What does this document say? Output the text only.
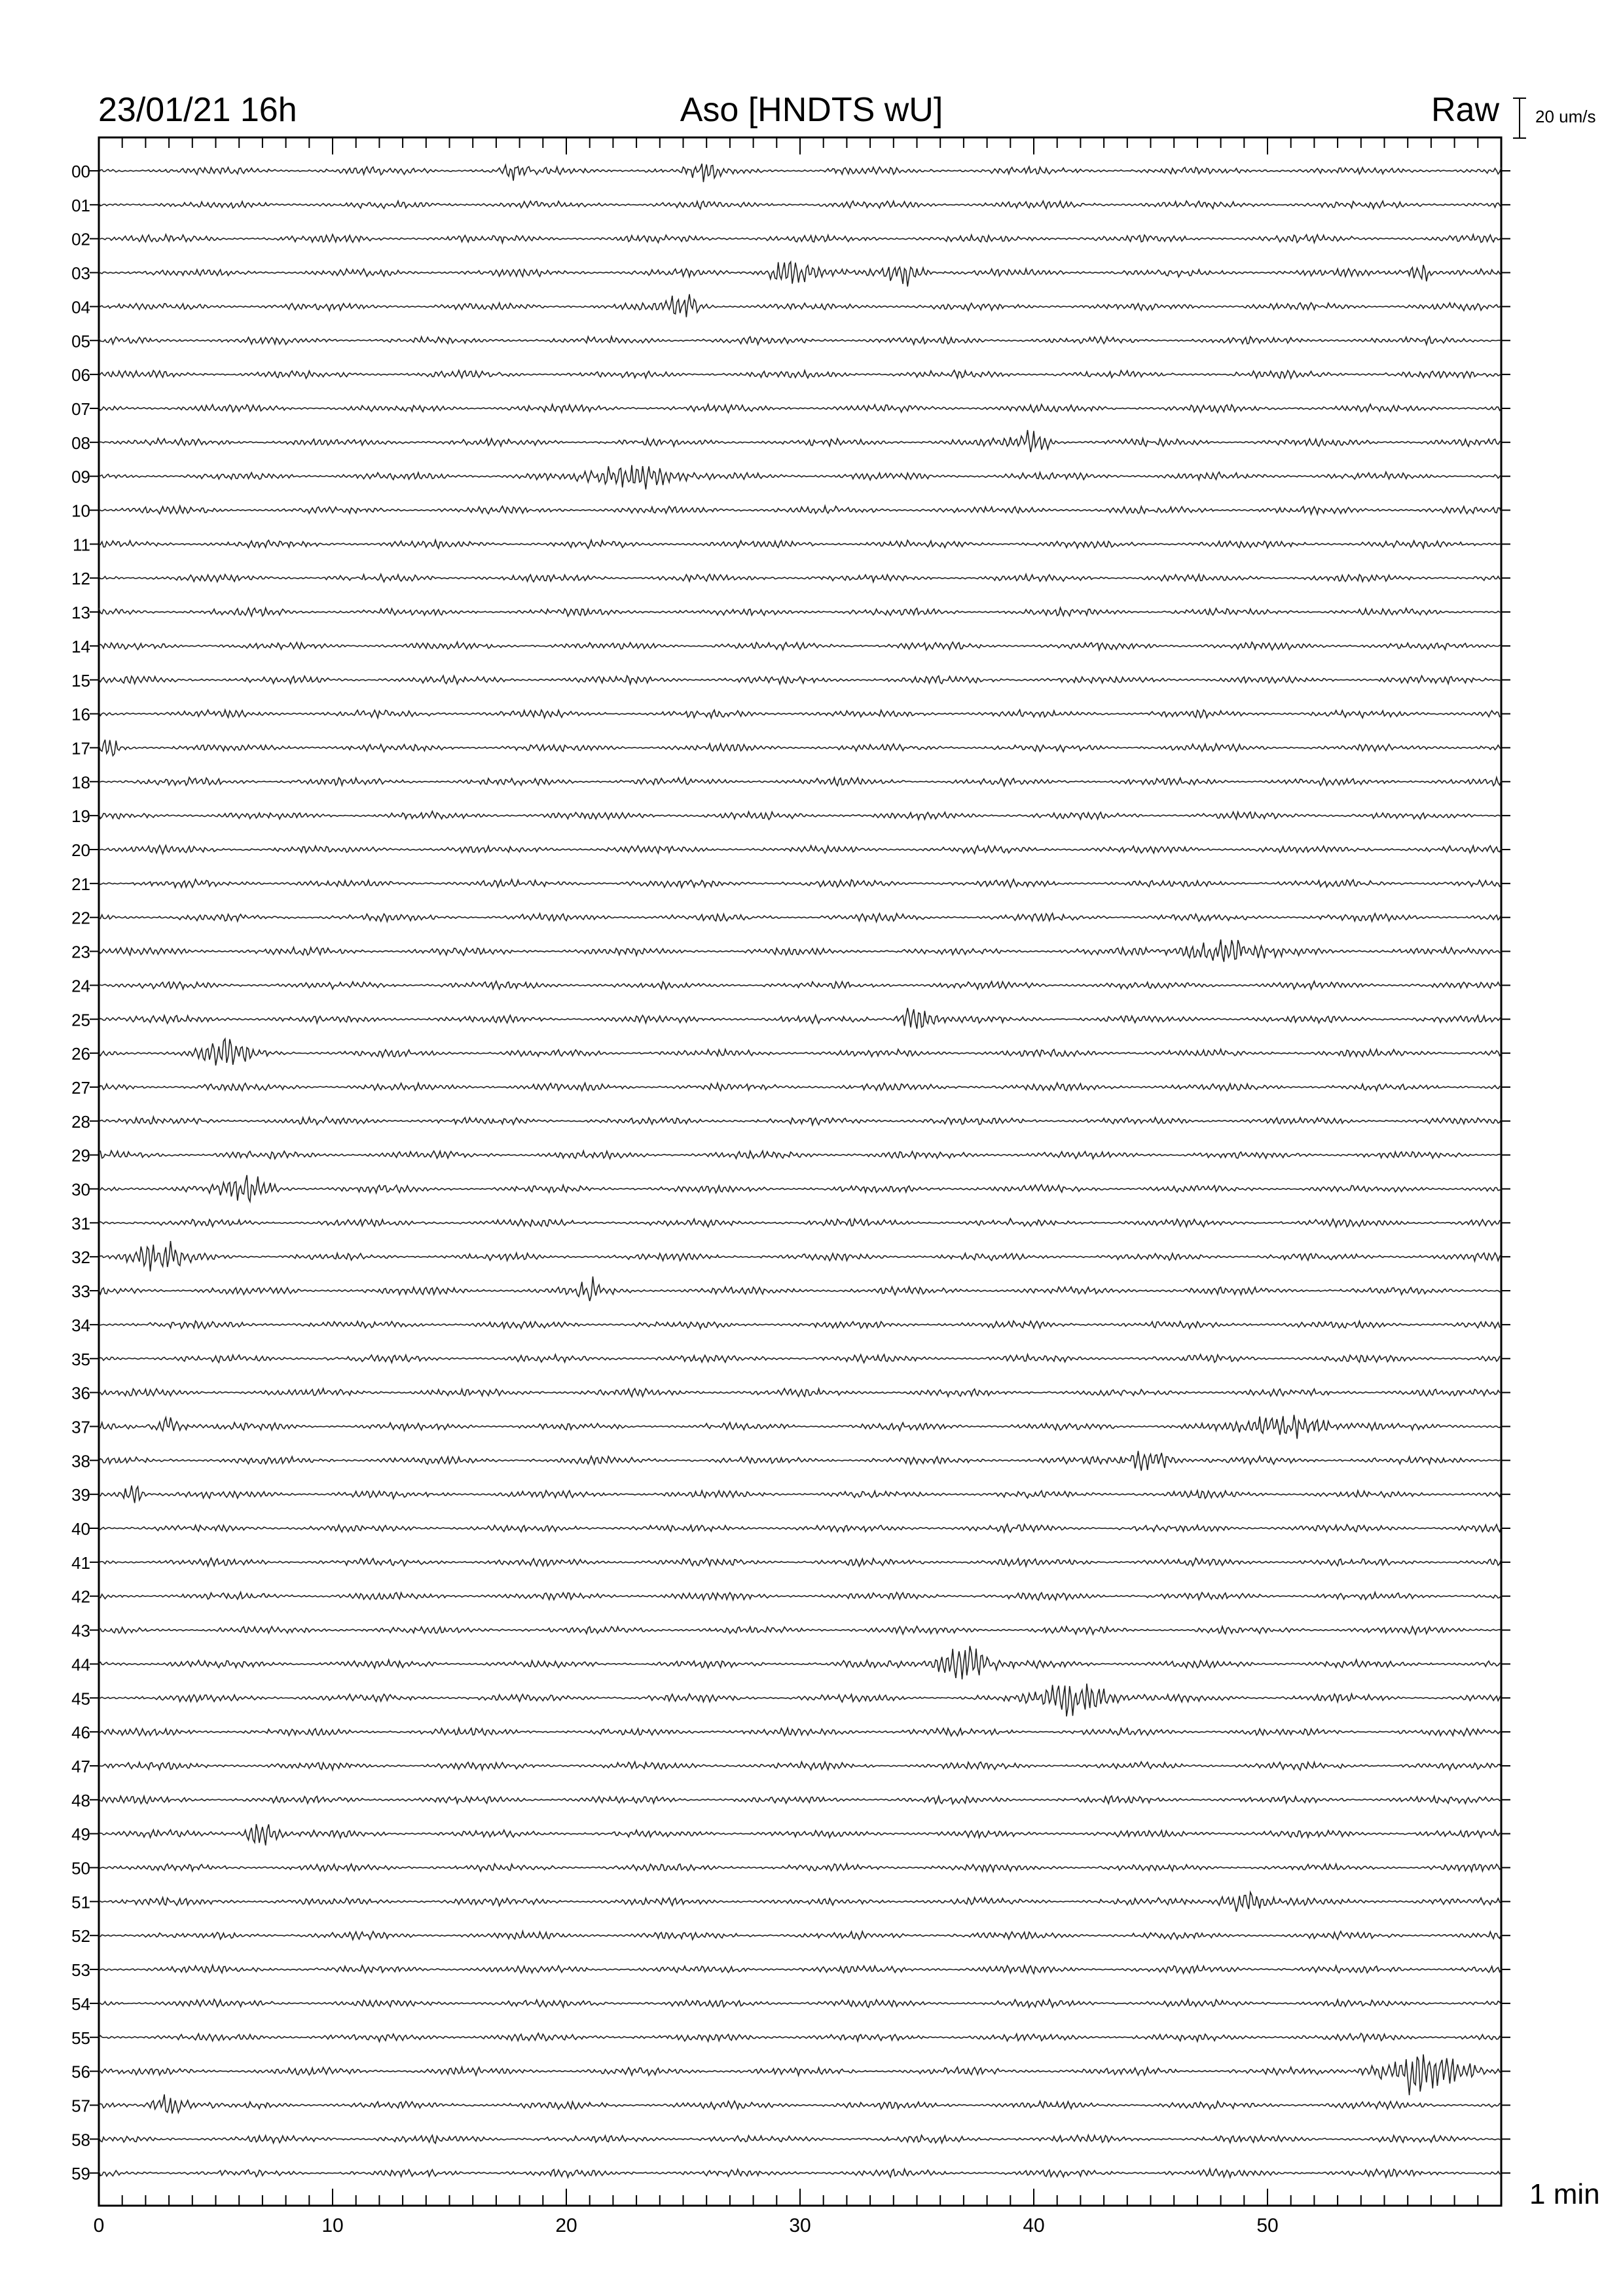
23/01/21 16h	Aso [HNDTS wU]	Raw 20 um/s
1 min
0	10	20	30	40	50
00
01
02
03
04
05
06
07
08
09
10
11
12
13
14
15
16
17
18
19
20
21
22
23
24
25
26
27
28
29
30
31
32
33
34
35
36
37
38
39
40
41
42
43
44
45
46
47
48
49
50
51
52
53
54
55
56
57
58
59
